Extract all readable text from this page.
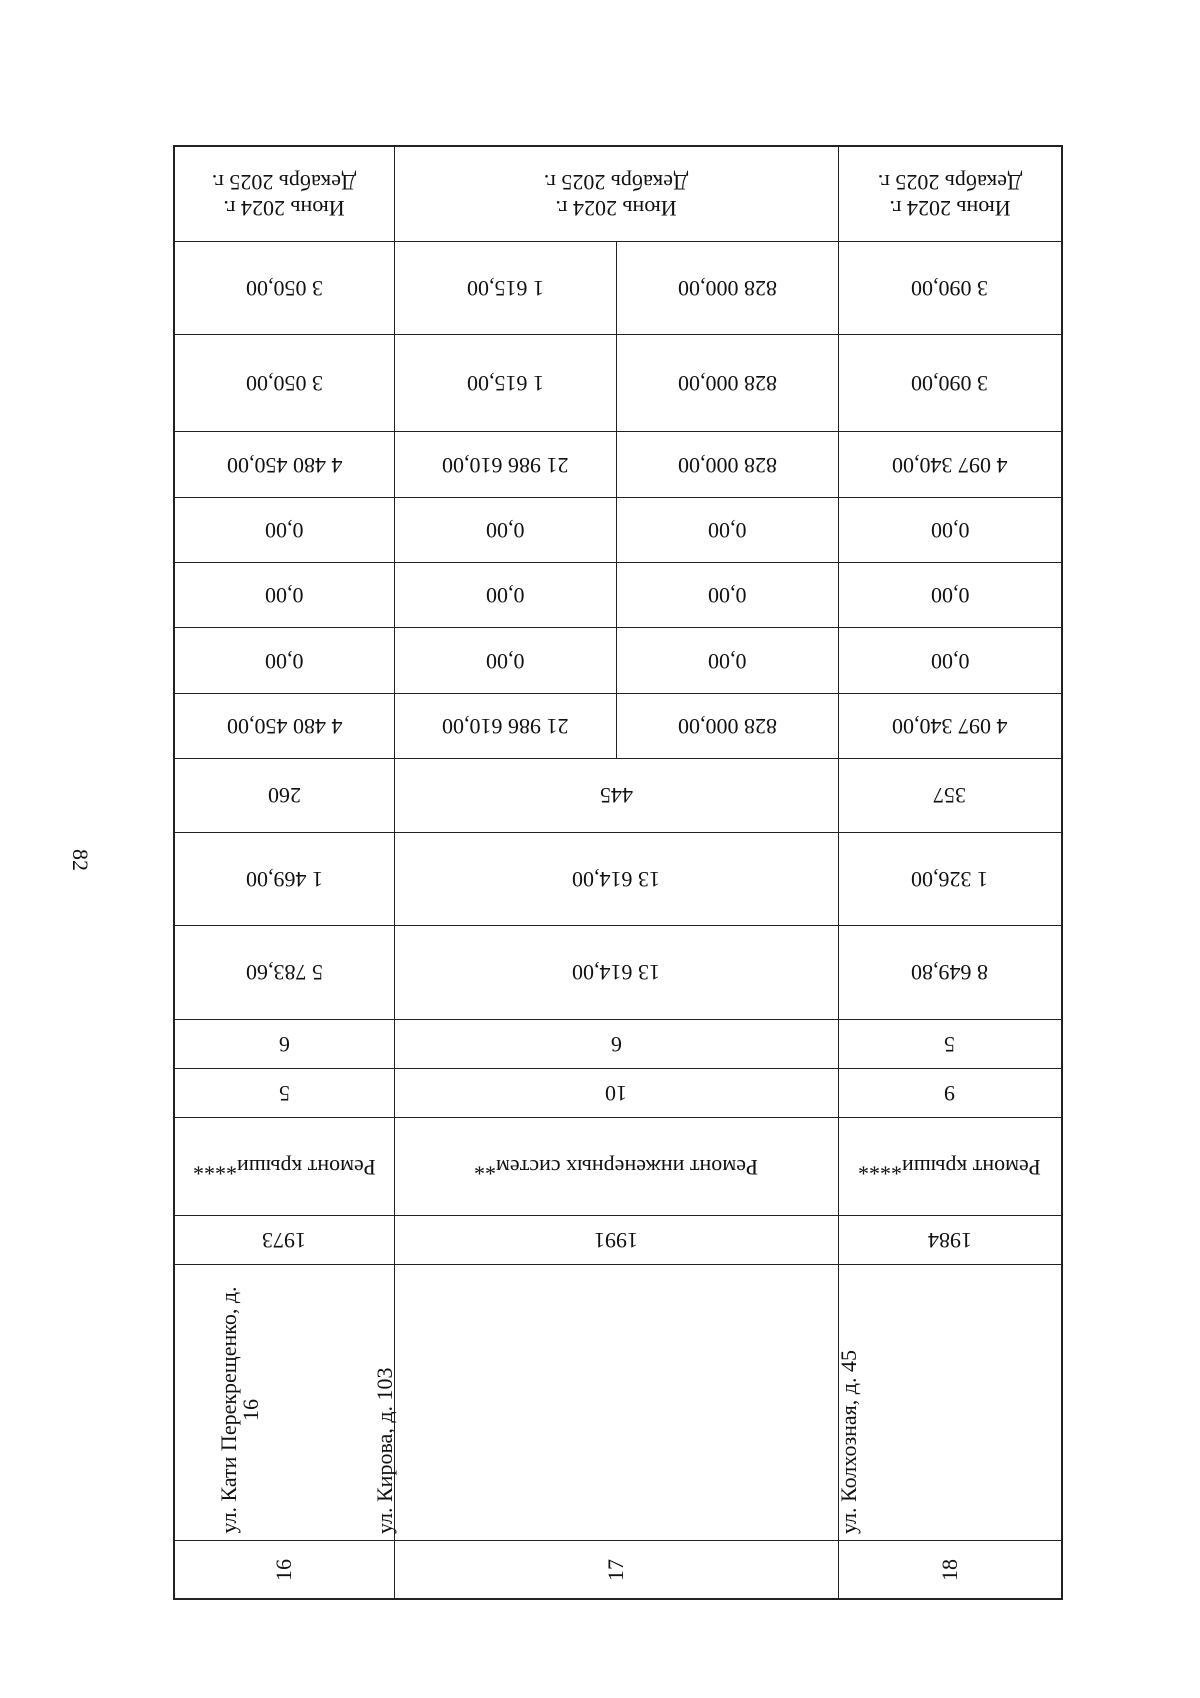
82
Июнь 2024 г. Декабрь 2025 г.	Июнь 2024 г. Декабрь 2025 г.		Июнь 2024 г. Декабрь 2025 г.
3 050,00	1 615,00	828 000,00	3 090,00
3 050,00	1 615,00	828 000,00	3 090,00
4 480 450,00	21 986 610,00	828 000,00	4 097 340,00
0,00	0,00	0,00	0,00
0,00	0,00	0,00	0,00
0,00	0,00	0,00	0,00
4 480 450,00	21 986 610,00	828 000,00	4 097 340,00
260	445		357
1 469,00	13 614,00		1 326,00
5 783,60	13 614,00		8 649,80
6	6		5
5	10		9
Ремонт крыши****	Ремонт инженерных систем**		Ремонт крыши****
1973	1991		1984

ул. Кати Перекрещенко, д. 16	ул. Кирова, д. 103		ул. Колхозная, д. 45

16	17		18
